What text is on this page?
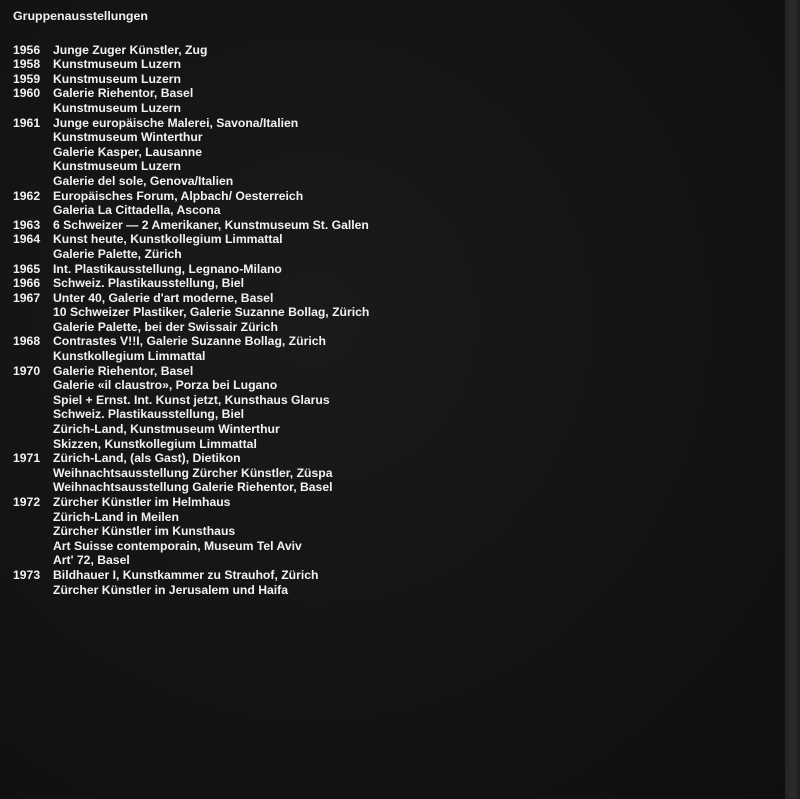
Gruppenausstellungen
1956	Junge Zuger Künstler, Zug
1958	Kunstmuseum Luzern
1959	Kunstmuseum Luzern
1960	Galerie Riehentor, Basel
Kunstmuseum Luzern
1961	Junge europäische Malerei, Savona/Italien
Kunstmuseum Winterthur
Galerie Kasper, Lausanne
Kunstmuseum Luzern
Galerie del sole, Genova/Italien
1962	Europäisches Forum, Alpbach/ Oesterreich
Galeria La Cittadella, Ascona
1963	6 Schweizer — 2 Amerikaner, Kunstmuseum St. Gallen
1964	Kunst heute, Kunstkollegium Limmattal
Galerie Palette, Zürich
1965	Int. Plastikausstellung, Legnano-Milano
1966	Schweiz. Plastikausstellung, Biel
1967	Unter 40, Galerie d'art moderne, Basel
10 Schweizer Plastiker, Galerie Suzanne Bollag, Zürich
Galerie Palette, bei der Swissair Zürich
1968	Contrastes V!!I, Galerie Suzanne Bollag, Zürich
Kunstkollegium Limmattal
1970	Galerie Riehentor, Basel
Galerie «il claustro», Porza bei Lugano
Spiel + Ernst. Int. Kunst jetzt, Kunsthaus Glarus
Schweiz. Plastikausstellung, Biel
Zürich-Land, Kunstmuseum Winterthur
Skizzen, Kunstkollegium Limmattal
1971	Zürich-Land, (als Gast), Dietikon
Weihnachtsausstellung Zürcher Künstler, Züspa
Weihnachtsausstellung Galerie Riehentor, Basel
1972	Zürcher Künstler im Helmhaus
Zürich-Land in Meilen
Zürcher Künstler im Kunsthaus
Art Suisse contemporain, Museum Tel Aviv
Art' 72, Basel
1973	Bildhauer I, Kunstkammer zu Strauhof, Zürich
Zürcher Künstler in Jerusalem und Haifa
